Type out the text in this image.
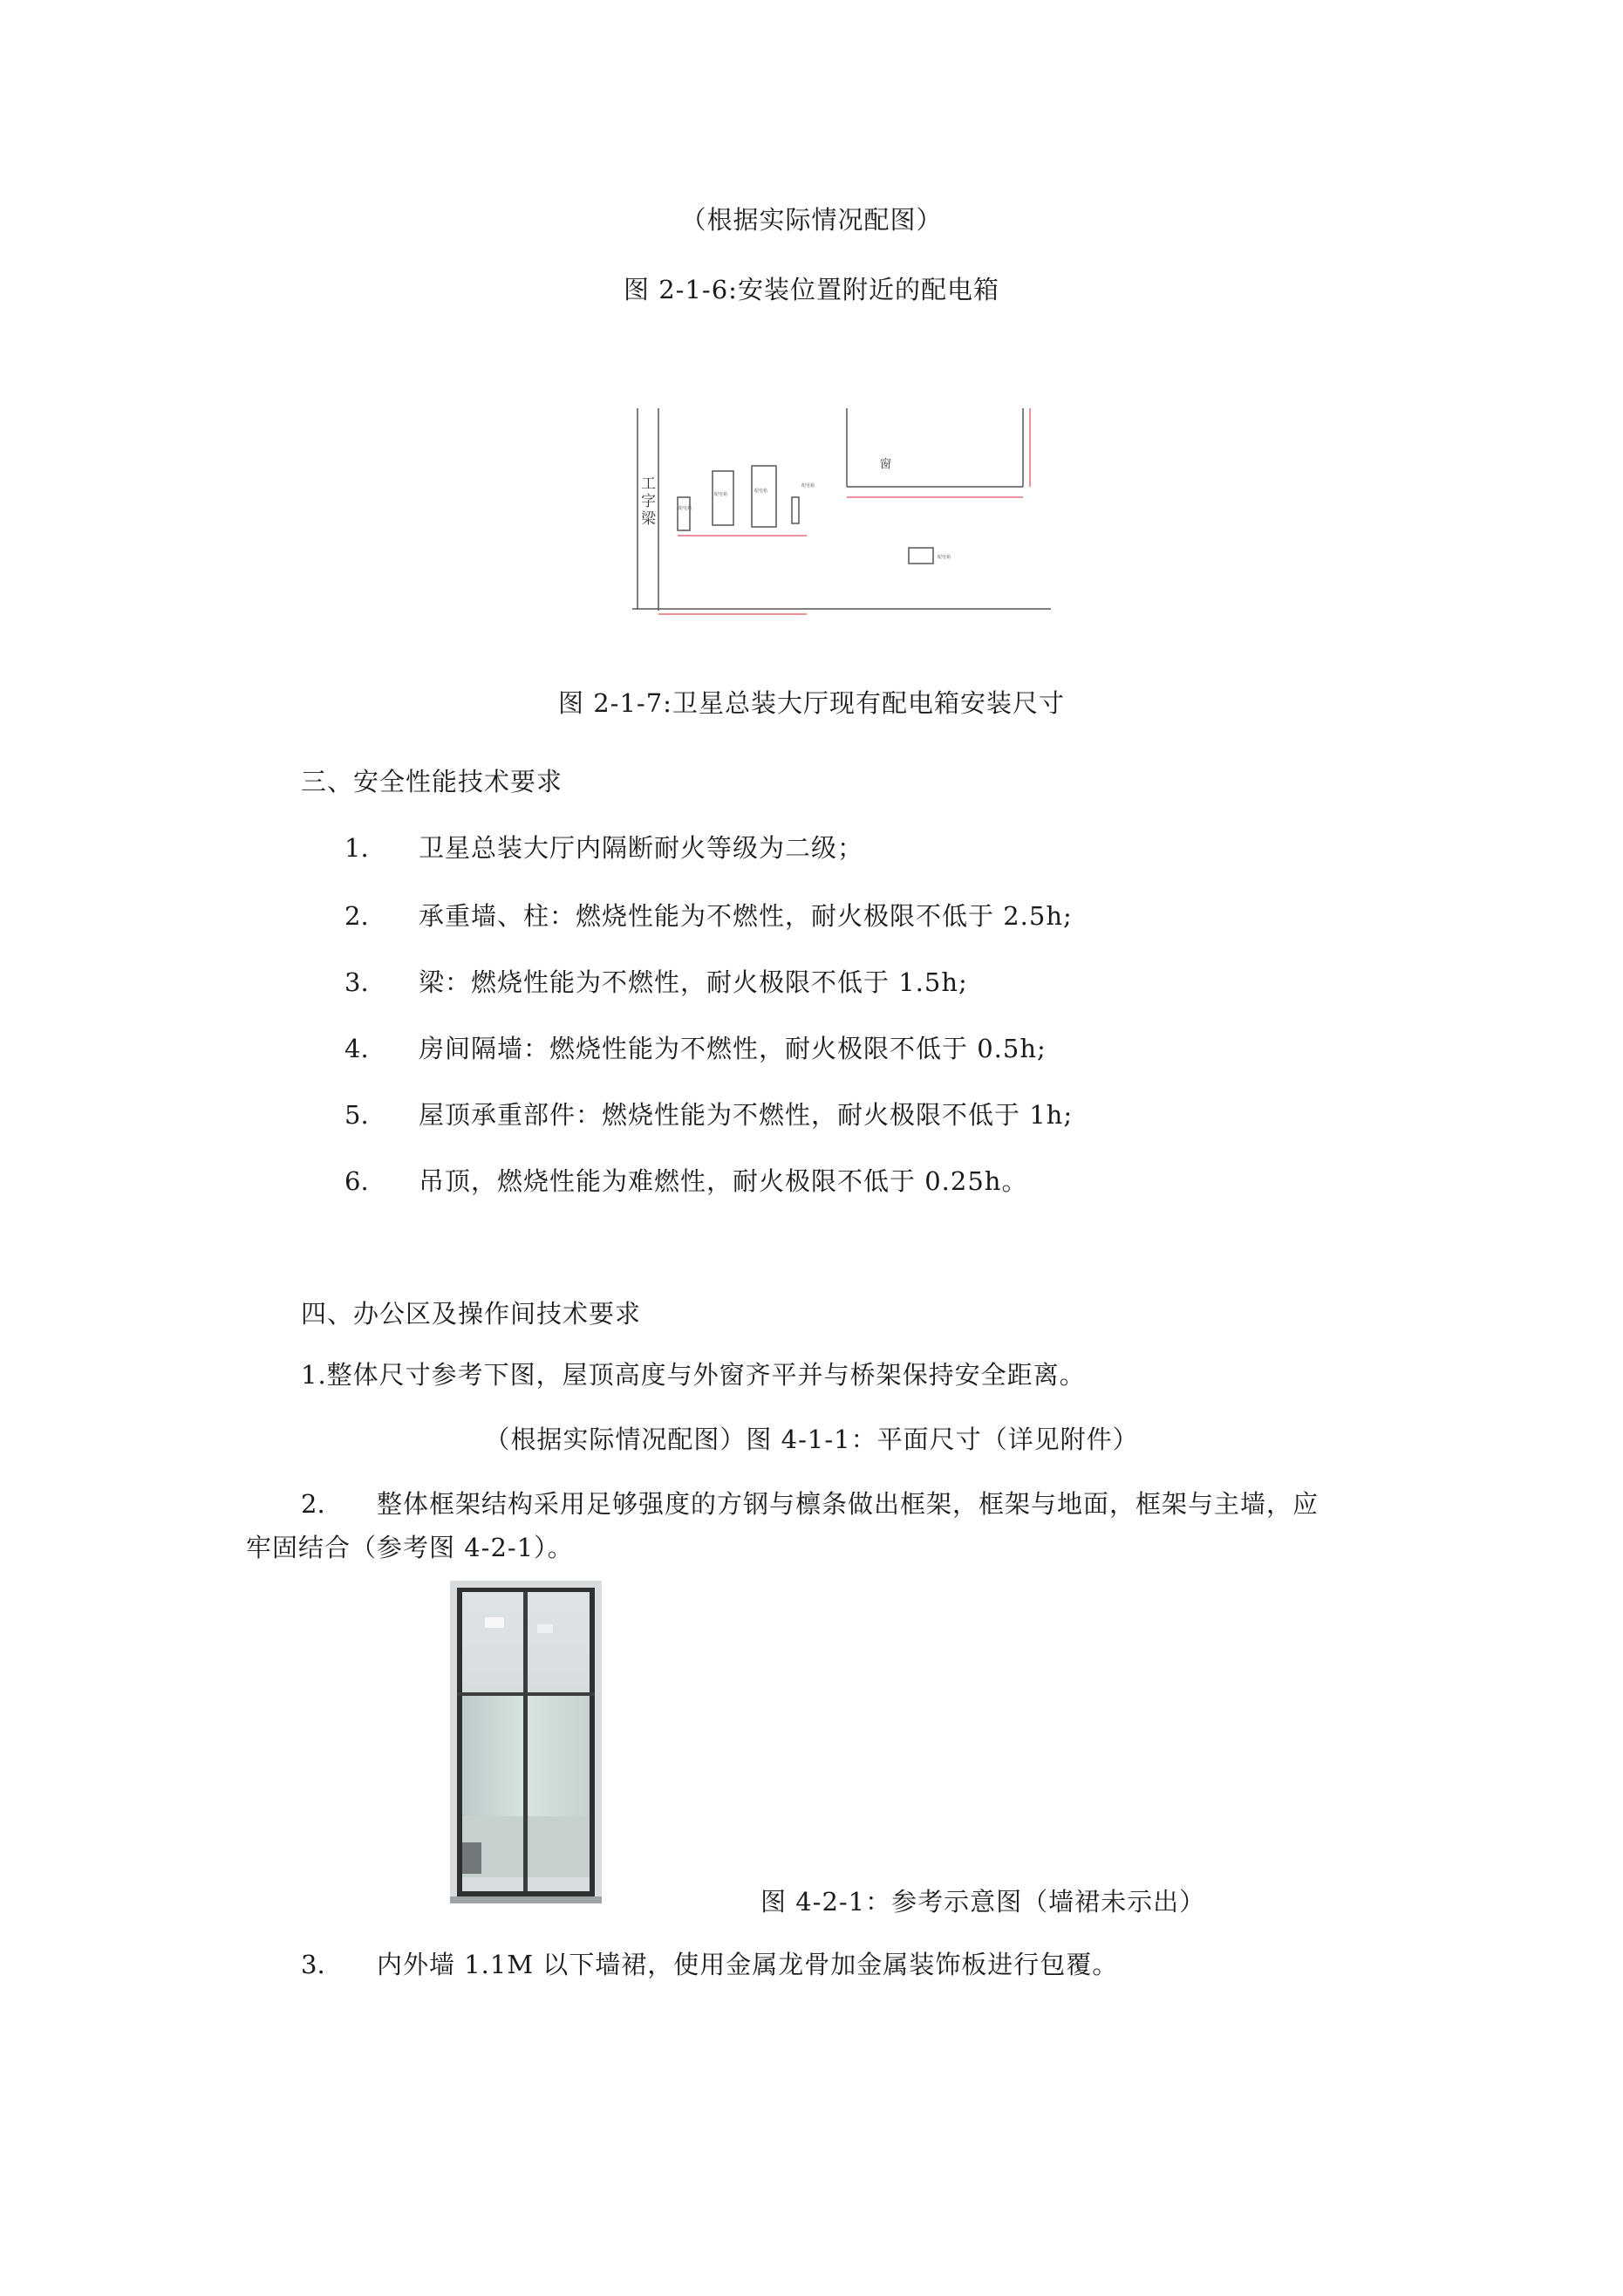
（根据实际情况配图）
图 2-1-6:安装位置附近的配电箱
工
字
梁
窗
配电箱
配电箱
配电箱
配电箱
配电箱
图 2-1-7:卫星总装大厅现有配电箱安装尺寸
三、安全性能技术要求
1. 卫星总装大厅内隔断耐火等级为二级；
2. 承重墙、柱：燃烧性能为不燃性，耐火极限不低于 2.5h;
3. 梁：燃烧性能为不燃性，耐火极限不低于 1.5h;
4. 房间隔墙：燃烧性能为不燃性，耐火极限不低于 0.5h;
5. 屋顶承重部件：燃烧性能为不燃性，耐火极限不低于 1h;
6. 吊顶，燃烧性能为难燃性，耐火极限不低于 0.25h。
四、办公区及操作间技术要求
1.整体尺寸参考下图，屋顶高度与外窗齐平并与桥架保持安全距离。
（根据实际情况配图）图 4-1-1：平面尺寸（详见附件）
2. 整体框架结构采用足够强度的方钢与檩条做出框架，框架与地面，框架与主墙，应
牢固结合（参考图 4-2-1）。
图 4-2-1：参考示意图（墙裙未示出）
3. 内外墙 1.1M 以下墙裙，使用金属龙骨加金属装饰板进行包覆。
